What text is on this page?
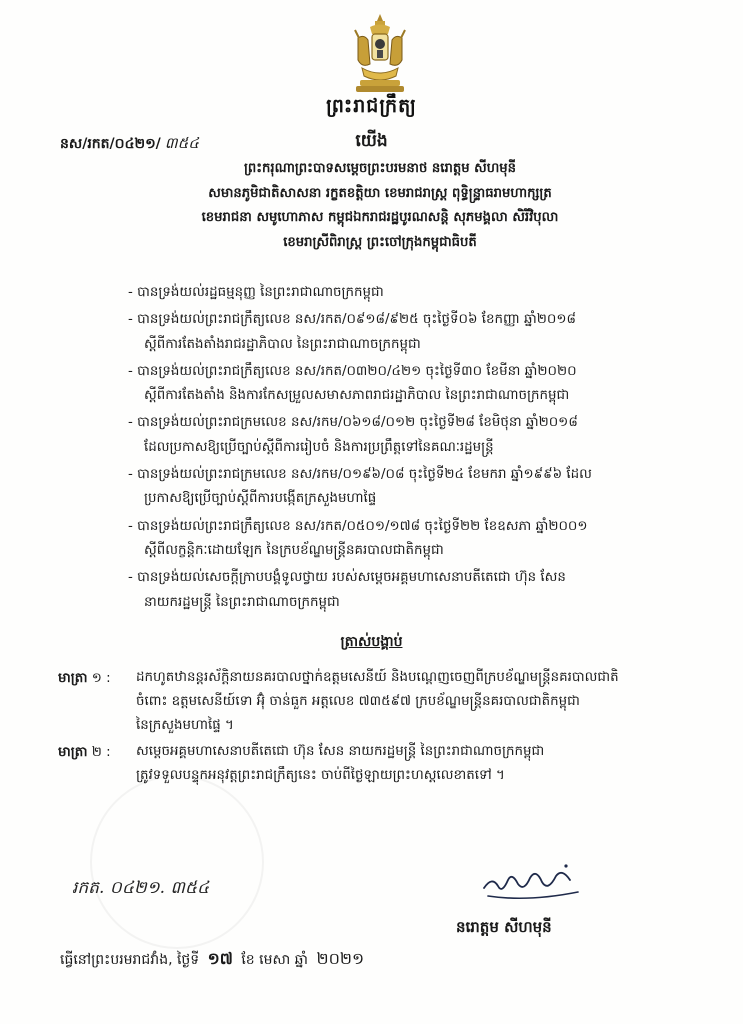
ព្រះរាជក្រឹត្យ
នស/រកត/០៤២១/ ៣៥៤	យើង
ព្រះករុណាព្រះបាទសម្តេចព្រះបរមនាថ នរោត្តម សីហមុនី
សមានភូមិជាតិសាសនា រក្ខតខត្តិយា ខេមរាជរាស្ត្រ ពុទ្ធិន្រ្ទាធរាមហាក្សត្រ
ខេមរាជនា សមូហោភាស កម្ពុជឯករាជរដ្ឋបូរណសន្តិ សុភមង្គលា សិរីវិបុលា
ខេមរាស្រីពិរាស្ត្រ ព្រះចៅក្រុងកម្ពុជាធិបតី
- បានទ្រង់យល់រដ្ឋធម្មនុញ្ញ នៃព្រះរាជាណាចក្រកម្ពុជា
- បានទ្រង់យល់ព្រះរាជក្រឹត្យលេខ នស/រកត/០៩១៨/៩២៥ ចុះថ្ងៃទី០៦ ខែកញ្ញា ឆ្នាំ២០១៨
ស្តីពីការតែងតាំងរាជរដ្ឋាភិបាល នៃព្រះរាជាណាចក្រកម្ពុជា
- បានទ្រង់យល់ព្រះរាជក្រឹត្យលេខ នស/រកត/០៣២០/៤២១ ចុះថ្ងៃទី៣០ ខែមីនា ឆ្នាំ២០២០
ស្តីពីការតែងតាំង និងការកែសម្រួលសមាសភាពរាជរដ្ឋាភិបាល នៃព្រះរាជាណាចក្រកម្ពុជា
- បានទ្រង់យល់ព្រះរាជក្រមលេខ នស/រកម/០៦១៨/០១២ ចុះថ្ងៃទី២៨ ខែមិថុនា ឆ្នាំ២០១៨
ដែលប្រកាសឱ្យប្រើច្បាប់ស្តីពីការរៀបចំ និងការប្រព្រឹត្តទៅនៃគណៈរដ្ឋមន្ត្រី
- បានទ្រង់យល់ព្រះរាជក្រមលេខ នស/រកម/០១៩៦/០៨ ចុះថ្ងៃទី២៤ ខែមករា ឆ្នាំ១៩៩៦ ដែល
ប្រកាសឱ្យប្រើច្បាប់ស្តីពីការបង្កើតក្រសួងមហាផ្ទៃ
- បានទ្រង់យល់ព្រះរាជក្រឹត្យលេខ នស/រកត/០៥០១/១៧៨ ចុះថ្ងៃទី២២ ខែឧសភា ឆ្នាំ២០០១
ស្តីពីលក្ខន្តិកៈដោយឡែក នៃក្របខ័ណ្ឌមន្ត្រីនគរបាលជាតិកម្ពុជា
- បានទ្រង់យល់សេចក្តីក្រាបបង្គំទូលថ្វាយ របស់សម្តេចអគ្គមហាសេនាបតីតេជោ ហ៊ុន សែន
នាយករដ្ឋមន្ត្រី នៃព្រះរាជាណាចក្រកម្ពុជា
ត្រាស់បង្គាប់
មាត្រា ១ : ដកហូតឋានន្តរស័ក្តិនាយនគរបាលថ្នាក់ឧត្តមសេនីយ៍ និងបណ្តេញចេញពីក្របខ័ណ្ឌមន្ត្រីនគរបាលជាតិ
ចំពោះ ឧត្តមសេនីយ៍ទោ អ៊ុំ ចាន់ធួក អត្តលេខ ៧៣៥៩៧ ក្របខ័ណ្ឌមន្ត្រីនគរបាលជាតិកម្ពុជា
នៃក្រសួងមហាផ្ទៃ ។
មាត្រា ២ : សម្តេចអគ្គមហាសេនាបតីតេជោ ហ៊ុន សែន នាយករដ្ឋមន្ត្រី នៃព្រះរាជាណាចក្រកម្ពុជា
ត្រូវទទួលបន្ទុកអនុវត្តព្រះរាជក្រឹត្យនេះ ចាប់ពីថ្ងៃឡាយព្រះហស្តលេខាតទៅ ។
រកត. ០៤២១. ៣៥៤
នរោត្តម សីហមុនី
ធ្វើនៅព្រះបរមរាជវាំង, ថ្ងៃទី ១៧ ខែ មេសា ឆ្នាំ ២០២១
